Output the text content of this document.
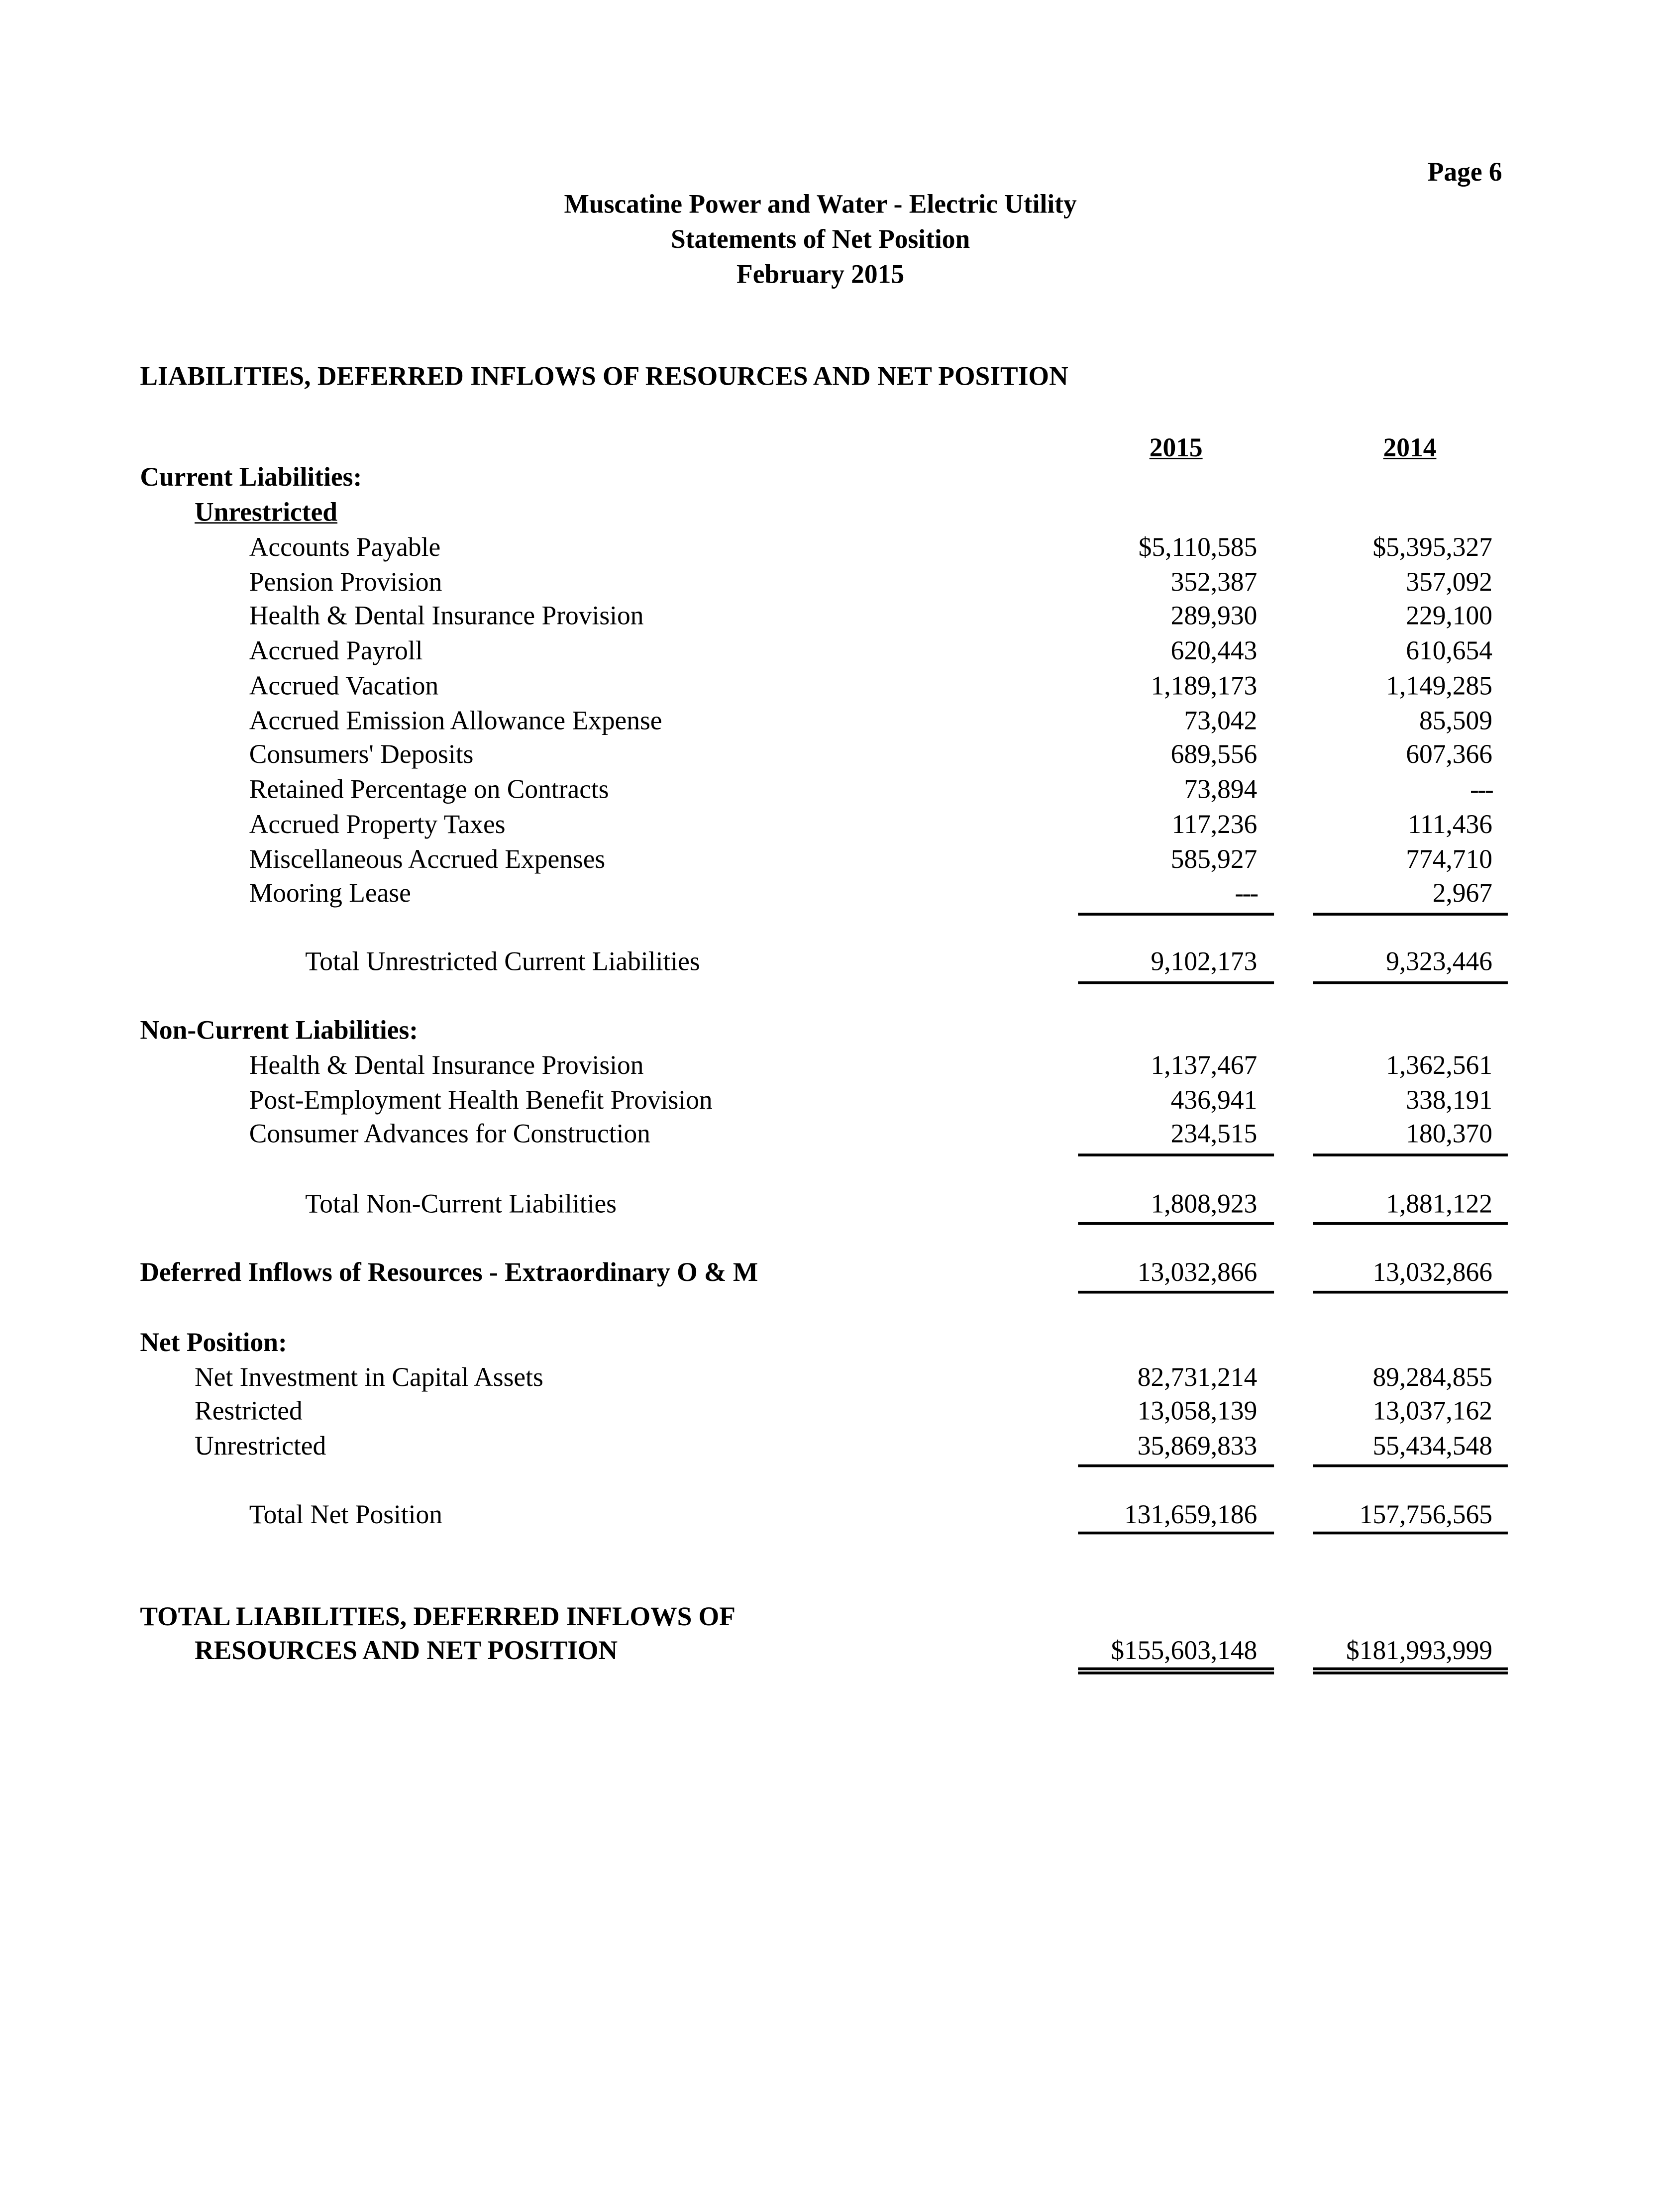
Page 6
Muscatine Power and Water - Electric Utility
Statements of Net Position
February 2015
LIABILITIES, DEFERRED INFLOWS OF RESOURCES AND NET POSITION
2015	2014
Current Liabilities:
Unrestricted
Accounts Payable	$5,110,585	$5,395,327
Pension Provision	352,387	357,092
Health & Dental Insurance Provision	289,930	229,100
Accrued Payroll	620,443	610,654
Accrued Vacation	1,189,173	1,149,285
Accrued Emission Allowance Expense	73,042	85,509
Consumers' Deposits	689,556	607,366
Retained Percentage on Contracts	73,894	---
Accrued Property Taxes	117,236	111,436
Miscellaneous Accrued Expenses	585,927	774,710
Mooring Lease	---	2,967
Total Unrestricted Current Liabilities	9,102,173	9,323,446
Non-Current Liabilities:
Health & Dental Insurance Provision	1,137,467	1,362,561
Post-Employment Health Benefit Provision	436,941	338,191
Consumer Advances for Construction	234,515	180,370
Total Non-Current Liabilities	1,808,923	1,881,122
Deferred Inflows of Resources - Extraordinary O & M	13,032,866	13,032,866
Net Position:
Net Investment in Capital Assets	82,731,214	89,284,855
Restricted	13,058,139	13,037,162
Unrestricted	35,869,833	55,434,548
Total Net Position	131,659,186	157,756,565
TOTAL LIABILITIES, DEFERRED INFLOWS OF
RESOURCES AND NET POSITION	$155,603,148	$181,993,999
